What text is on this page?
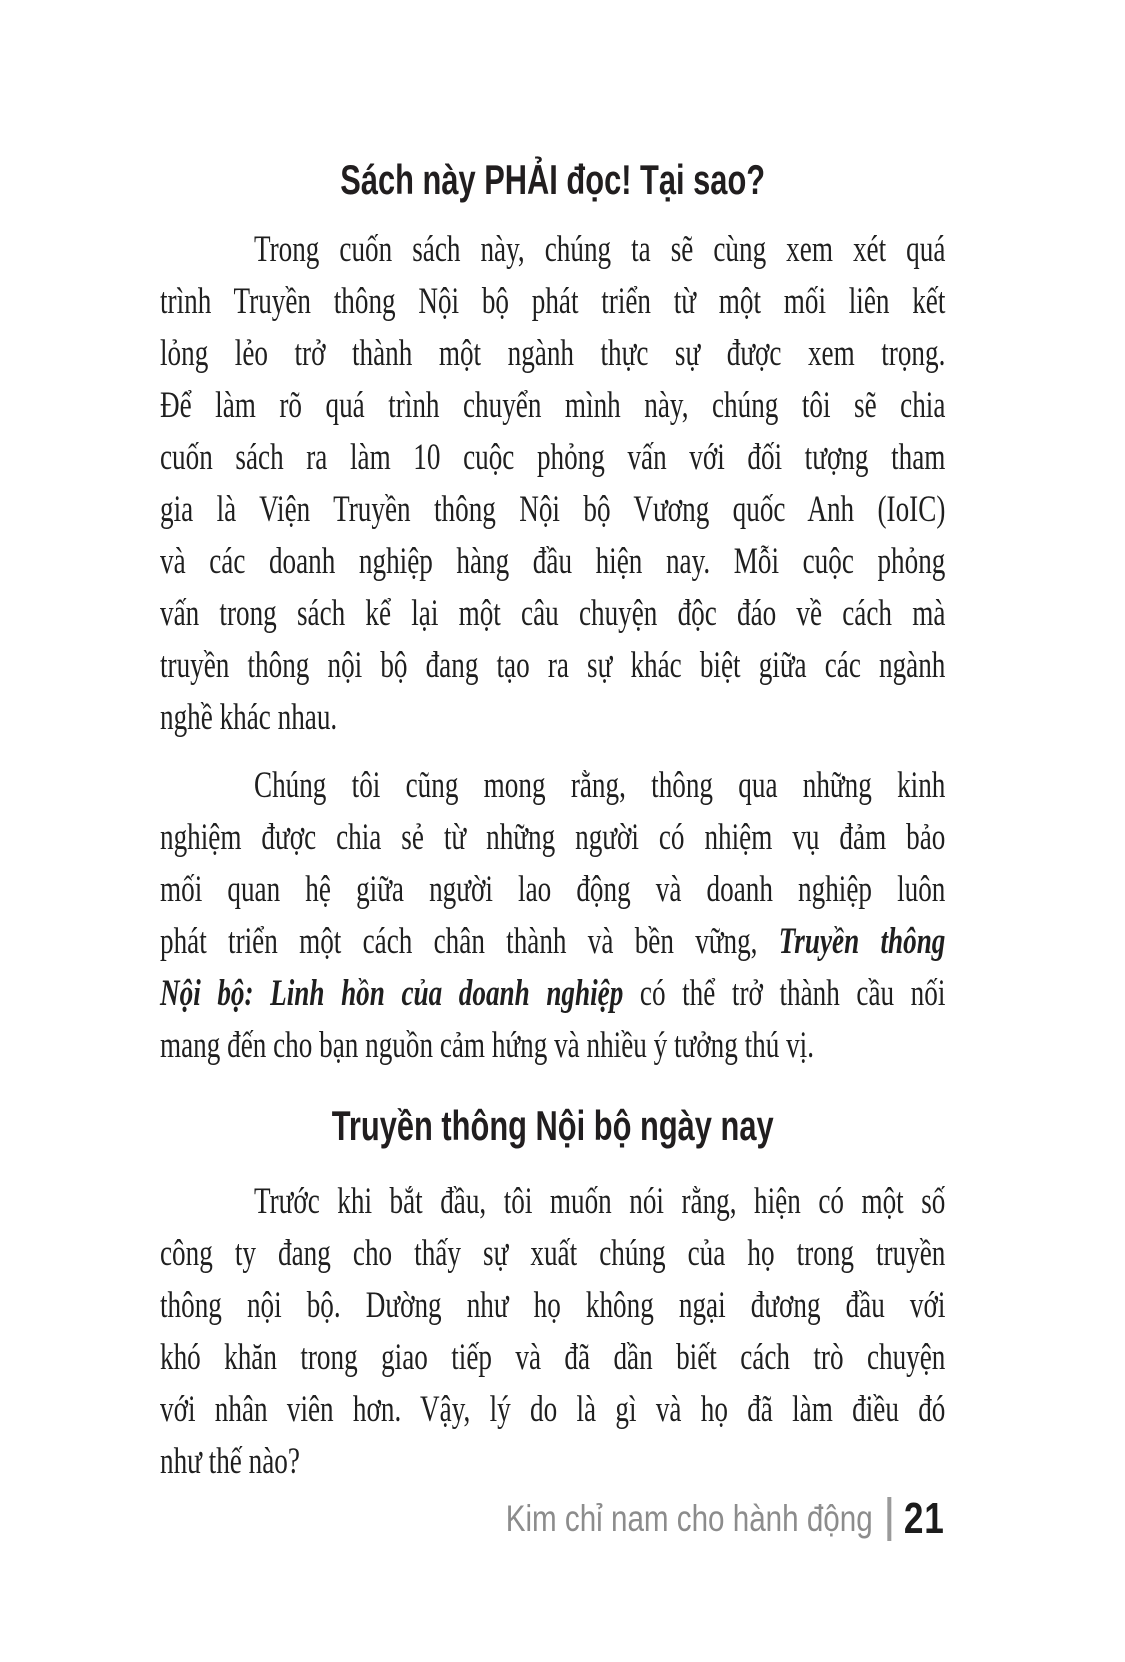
Sách này PHẢI đọc! Tại sao?
Trong cuốn sách này, chúng ta sẽ cùng xem xét quá
trình Truyền thông Nội bộ phát triển từ một mối liên kết
lỏng lẻo trở thành một ngành thực sự được xem trọng.
Để làm rõ quá trình chuyển mình này, chúng tôi sẽ chia
cuốn sách ra làm 10 cuộc phỏng vấn với đối tượng tham
gia là Viện Truyền thông Nội bộ Vương quốc Anh (IoIC)
và các doanh nghiệp hàng đầu hiện nay. Mỗi cuộc phỏng
vấn trong sách kể lại một câu chuyện độc đáo về cách mà
truyền thông nội bộ đang tạo ra sự khác biệt giữa các ngành
nghề khác nhau.
Chúng tôi cũng mong rằng, thông qua những kinh
nghiệm được chia sẻ từ những người có nhiệm vụ đảm bảo
mối quan hệ giữa người lao động và doanh nghiệp luôn
phát triển một cách chân thành và bền vững, Truyền thông
Nội bộ: Linh hồn của doanh nghiệp có thể trở thành cầu nối
mang đến cho bạn nguồn cảm hứng và nhiều ý tưởng thú vị.
Truyền thông Nội bộ ngày nay
Trước khi bắt đầu, tôi muốn nói rằng, hiện có một số
công ty đang cho thấy sự xuất chúng của họ trong truyền
thông nội bộ. Dường như họ không ngại đương đầu với
khó khăn trong giao tiếp và đã dần biết cách trò chuyện
với nhân viên hơn. Vậy, lý do là gì và họ đã làm điều đó
như thế nào?
Kim chỉ nam cho hành động 21
